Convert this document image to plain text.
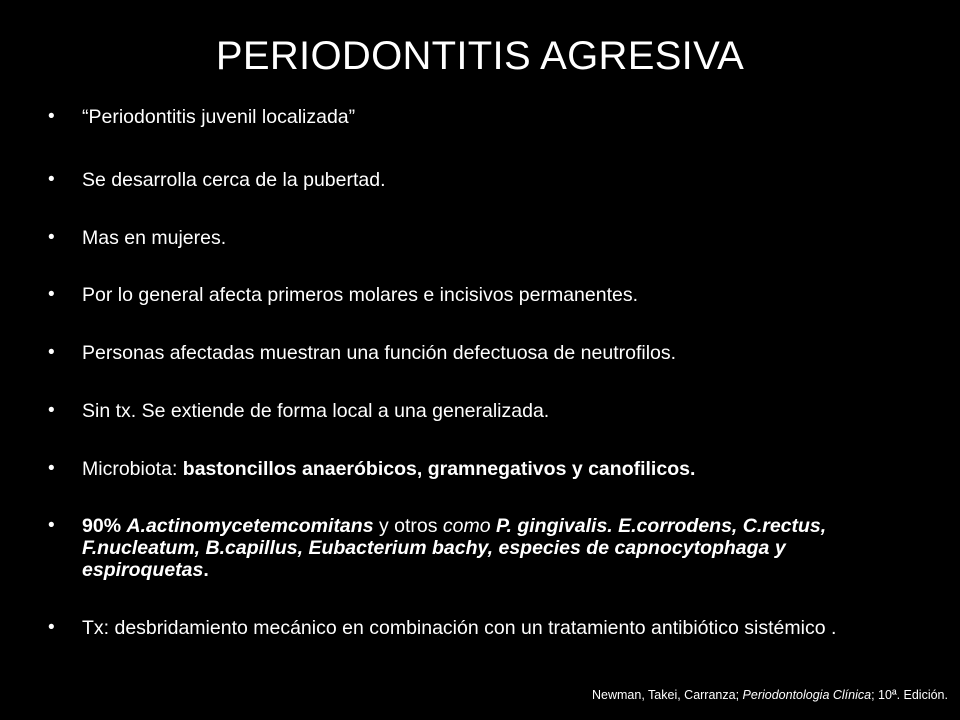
PERIODONTITIS AGRESIVA
• “Periodontitis juvenil localizada”
• Se desarrolla cerca de la pubertad.
• Mas en mujeres.
• Por lo general afecta primeros molares e incisivos permanentes.
• Personas afectadas muestran una función defectuosa de neutrofilos.
• Sin tx. Se extiende de forma local a una generalizada.
• Microbiota: bastoncillos anaeróbicos, gramnegativos y canofilicos.
• 90% A.actinomycetemcomitans y otros como P. gingivalis. E.corrodens, C.rectus, F.nucleatum, B.capillus, Eubacterium bachy, especies de capnocytophaga y espiroquetas.
• Tx: desbridamiento mecánico en combinación con un tratamiento antibiótico sistémico .
Newman, Takei, Carranza; Periodontologia Clínica; 10ª. Edición.
